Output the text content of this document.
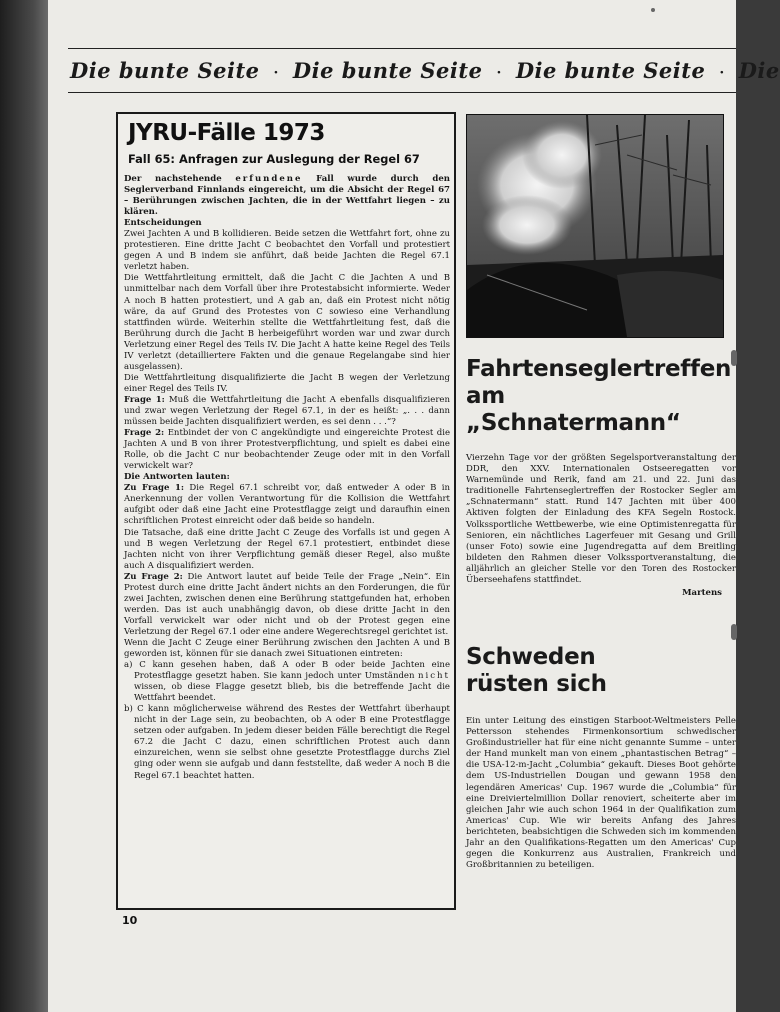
Die bunte Seite · Die bunte Seite · Die bunte Seite · Die
JYRU-Fälle 1973
Fall 65: Anfragen zur Auslegung der Regel 67

Der nachstehende erfundene Fall wurde durch den Seglerverband Finnlands eingereicht, um die Absicht der Regel 67 – Berührungen zwischen Jachten, die in der Wettfahrt liegen – zu klären.

Entscheidungen

Zwei Jachten A und B kollidieren. Beide setzen die Wettfahrt fort, ohne zu protestieren. Eine dritte Jacht C beobachtet den Vorfall und protestiert gegen A und B indem sie anführt, daß beide Jachten die Regel 67.1 verletzt haben.

Die Wettfahrtleitung ermittelt, daß die Jacht C die Jachten A und B unmittelbar nach dem Vorfall über ihre Protestabsicht informierte. Weder A noch B hatten protestiert, und A gab an, daß ein Protest nicht nötig wäre, da auf Grund des Protestes von C sowieso eine Verhandlung stattfinden würde. Weiterhin stellte die Wettfahrtleitung fest, daß die Berührung durch die Jacht B herbeigeführt worden war und zwar durch Verletzung einer Regel des Teils IV. Die Jacht A hatte keine Regel des Teils IV verletzt (detailliertere Fakten und die genaue Regelangabe sind hier ausgelassen).

Die Wettfahrtleitung disqualifizierte die Jacht B wegen der Verletzung einer Regel des Teils IV.

Frage 1: Muß die Wettfahrtleitung die Jacht A ebenfalls disqualifizieren und zwar wegen Verletzung der Regel 67.1, in der es heißt: „. . . dann müssen beide Jachten disqualifiziert werden, es sei denn . . .“?

Frage 2: Entbindet der von C angekündigte und eingereichte Protest die Jachten A und B von ihrer Protestverpflichtung, und spielt es dabei eine Rolle, ob die Jacht C nur beobachtender Zeuge oder mit in den Vorfall verwickelt war?

Die Antworten lauten:

Zu Frage 1: Die Regel 67.1 schreibt vor, daß entweder A oder B in Anerkennung der vollen Verantwortung für die Kollision die Wettfahrt aufgibt oder daß eine Jacht eine Protestflagge zeigt und daraufhin einen schriftlichen Protest einreicht oder daß beide so handeln.

Die Tatsache, daß eine dritte Jacht C Zeuge des Vorfalls ist und gegen A und B wegen Verletzung der Regel 67.1 protestiert, entbindet diese Jachten nicht von ihrer Verpflichtung gemäß dieser Regel, also mußte auch A disqualifiziert werden.

Zu Frage 2: Die Antwort lautet auf beide Teile der Frage „Nein“. Ein Protest durch eine dritte Jacht ändert nichts an den Forderungen, die für zwei Jachten, zwischen denen eine Berührung stattgefunden hat, erhoben werden. Das ist auch unabhängig davon, ob diese dritte Jacht in den Vorfall verwickelt war oder nicht und ob der Protest gegen eine Verletzung der Regel 67.1 oder eine andere Wegerechtsregel gerichtet ist.

Wenn die Jacht C Zeuge einer Berührung zwischen den Jachten A und B geworden ist, können für sie danach zwei Situationen eintreten:

a) C kann gesehen haben, daß A oder B oder beide Jachten eine Protestflagge gesetzt haben. Sie kann jedoch unter Umständen nicht wissen, ob diese Flagge gesetzt blieb, bis die betreffende Jacht die Wettfahrt beendet.

b) C kann möglicherweise während des Restes der Wettfahrt überhaupt nicht in der Lage sein, zu beobachten, ob A oder B eine Protestflagge setzen oder aufgaben. In jedem dieser beiden Fälle berechtigt die Regel 67.2 die Jacht C dazu, einen schriftlichen Protest auch dann einzureichen, wenn sie selbst ohne gesetzte Protestflagge durchs Ziel ging oder wenn sie aufgab und dann feststellte, daß weder A noch B die Regel 67.1 beachtet hatten.

10
Fahrtenseglertreffen
am
„Schnatermann“

Vierzehn Tage vor der größten Segelsportveranstaltung der DDR, den XXV. Internationalen Ostseeregatten vor Warnemünde und Rerik, fand am 21. und 22. Juni das traditionelle Fahrtenseglertreffen der Rostocker Segler am „Schnatermann“ statt. Rund 147 Jachten mit über 400 Aktiven folgten der Einladung des KFA Segeln Rostock. Volkssportliche Wettbewerbe, wie eine Optimistenregatta für Senioren, ein nächtliches Lagerfeuer mit Gesang und Grill (unser Foto) sowie eine Jugendregatta auf dem Breitling bildeten den Rahmen dieser Volkssportveranstaltung, die alljährlich an gleicher Stelle vor den Toren des Rostocker Überseehafens stattfindet.

Martens

Schweden
rüsten sich

Ein unter Leitung des einstigen Starboot-Weltmeisters Pelle Pettersson stehendes Firmenkonsortium schwedischer Großindustrieller hat für eine nicht genannte Summe – unter der Hand munkelt man von einem „phantastischen Betrag“ – die USA-12-m-Jacht „Columbia“ gekauft. Dieses Boot gehörte dem US-Industriellen Dougan und gewann 1958 den legendären Americas' Cup. 1967 wurde die „Columbia“ für eine Dreiviertelmillion Dollar renoviert, scheiterte aber im gleichen Jahr wie auch schon 1964 in der Qualifikation zum Americas' Cup. Wie wir bereits Anfang des Jahres berichteten, beabsichtigen die Schweden sich im kommenden Jahr an den Qualifikations-Regatten um den Americas' Cup gegen die Konkurrenz aus Australien, Frankreich und Großbritannien zu beteiligen.
